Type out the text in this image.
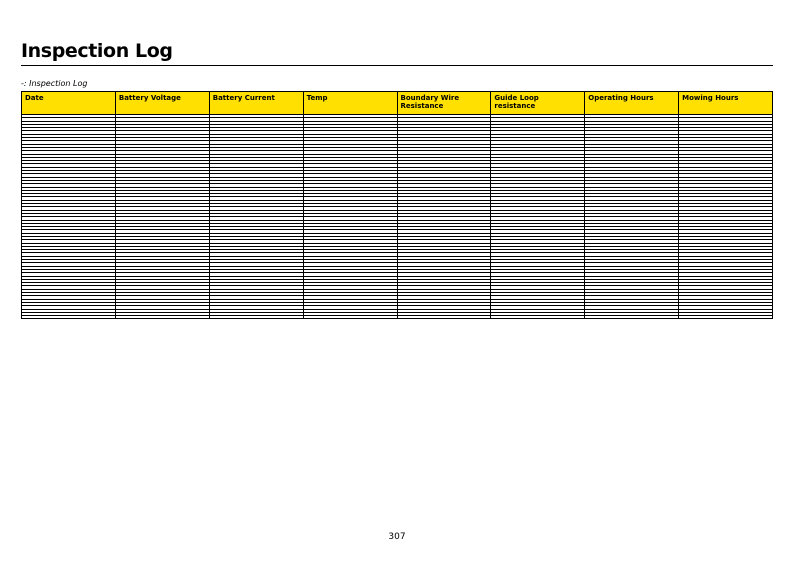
Inspection Log
-: Inspection Log
Date	Battery Voltage	Battery Current	Temp	Boundary Wire Resistance	Guide Loop resistance	Operating Hours	Mowing Hours

307
